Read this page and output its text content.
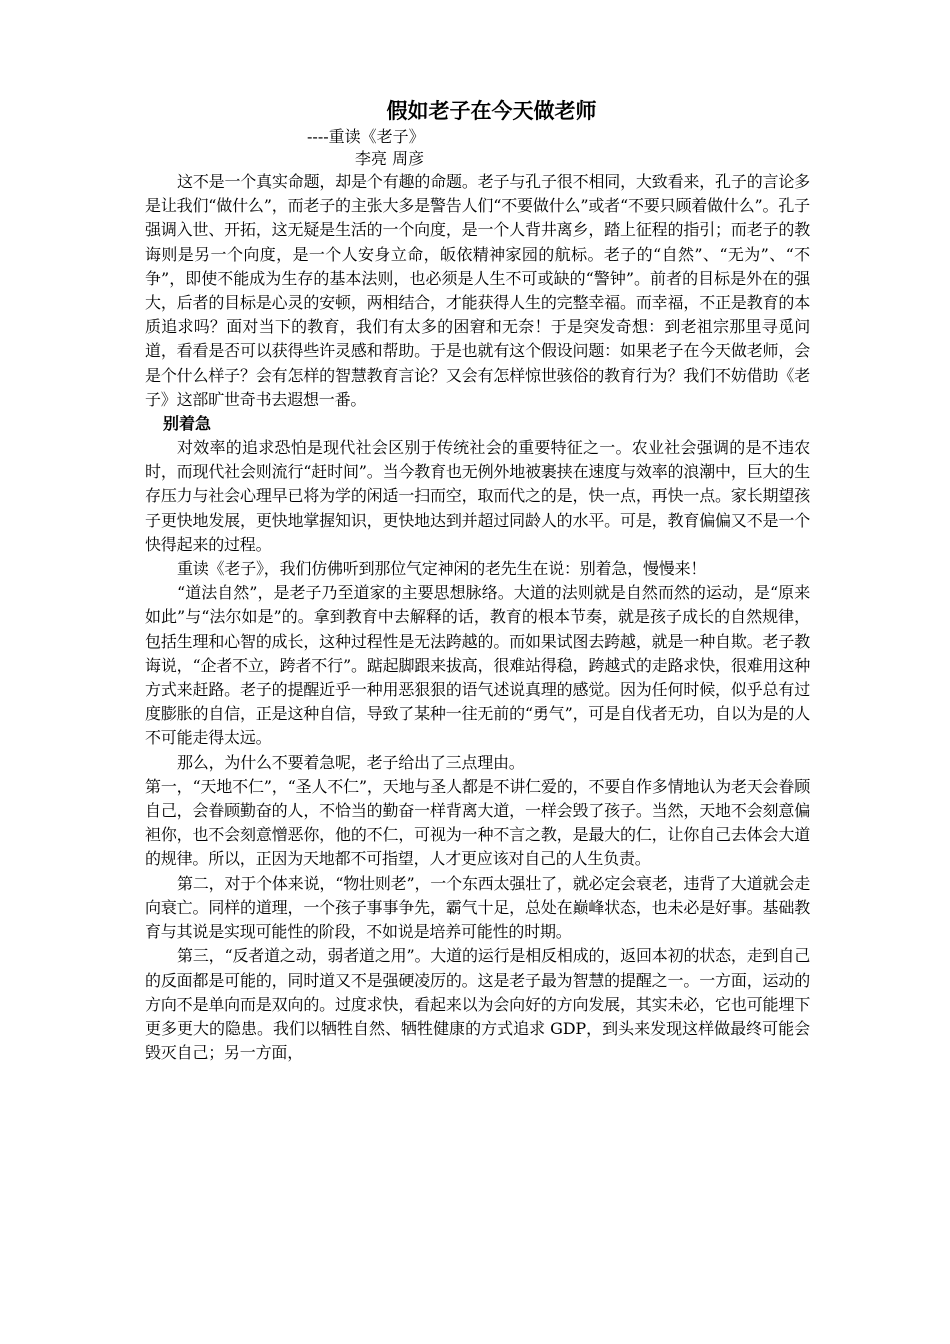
假如老子在今天做老师

----重读《老子》

李亮 周彦

这不是一个真实命题，却是个有趣的命题。老子与孔子很不相同，大致看来，孔子的言论多是让我们“做什么”，而老子的主张大多是警告人们“不要做什么”或者“不要只顾着做什么”。孔子强调入世、开拓，这无疑是生活的一个向度，是一个人背井离乡，踏上征程的指引；而老子的教诲则是另一个向度，是一个人安身立命，皈依精神家园的航标。老子的“自然”、“无为”、“不争”，即使不能成为生存的基本法则，也必须是人生不可或缺的“警钟”。前者的目标是外在的强大，后者的目标是心灵的安顿，两相结合，才能获得人生的完整幸福。而幸福，不正是教育的本质追求吗？面对当下的教育，我们有太多的困窘和无奈！于是突发奇想：到老祖宗那里寻觅问道，看看是否可以获得些许灵感和帮助。于是也就有这个假设问题：如果老子在今天做老师，会是个什么样子？会有怎样的智慧教育言论？又会有怎样惊世骇俗的教育行为？我们不妨借助《老子》这部旷世奇书去遐想一番。

别着急

对效率的追求恐怕是现代社会区别于传统社会的重要特征之一。农业社会强调的是不违农时，而现代社会则流行“赶时间”。当今教育也无例外地被裹挟在速度与效率的浪潮中，巨大的生存压力与社会心理早已将为学的闲适一扫而空，取而代之的是，快一点，再快一点。家长期望孩子更快地发展，更快地掌握知识，更快地达到并超过同龄人的水平。可是，教育偏偏又不是一个快得起来的过程。

重读《老子》，我们仿佛听到那位气定神闲的老先生在说：别着急，慢慢来！

“道法自然”，是老子乃至道家的主要思想脉络。大道的法则就是自然而然的运动，是“原来如此”与“法尔如是”的。拿到教育中去解释的话，教育的根本节奏，就是孩子成长的自然规律，包括生理和心智的成长，这种过程性是无法跨越的。而如果试图去跨越，就是一种自欺。老子教诲说，“企者不立，跨者不行”。踮起脚跟来拔高，很难站得稳，跨越式的走路求快，很难用这种方式来赶路。老子的提醒近乎一种用恶狠狠的语气述说真理的感觉。因为任何时候，似乎总有过度膨胀的自信，正是这种自信，导致了某种一往无前的“勇气”，可是自伐者无功，自以为是的人不可能走得太远。

那么，为什么不要着急呢，老子给出了三点理由。

第一，“天地不仁”，“圣人不仁”，天地与圣人都是不讲仁爱的，不要自作多情地认为老天会眷顾自己，会眷顾勤奋的人，不恰当的勤奋一样背离大道，一样会毁了孩子。当然，天地不会刻意偏袒你，也不会刻意憎恶你，他的不仁，可视为一种不言之教，是最大的仁，让你自己去体会大道的规律。所以，正因为天地都不可指望，人才更应该对自己的人生负责。

第二，对于个体来说，“物壮则老”，一个东西太强壮了，就必定会衰老，违背了大道就会走向衰亡。同样的道理，一个孩子事事争先，霸气十足，总处在巅峰状态，也未必是好事。基础教育与其说是实现可能性的阶段，不如说是培养可能性的时期。

第三，“反者道之动，弱者道之用”。大道的运行是相反相成的，返回本初的状态，走到自己的反面都是可能的，同时道又不是强硬凌厉的。这是老子最为智慧的提醒之一。一方面，运动的方向不是单向而是双向的。过度求快，看起来以为会向好的方向发展，其实未必，它也可能埋下更多更大的隐患。我们以牺牲自然、牺牲健康的方式追求 GDP，到头来发现这样做最终可能会毁灭自己；另一方面，
